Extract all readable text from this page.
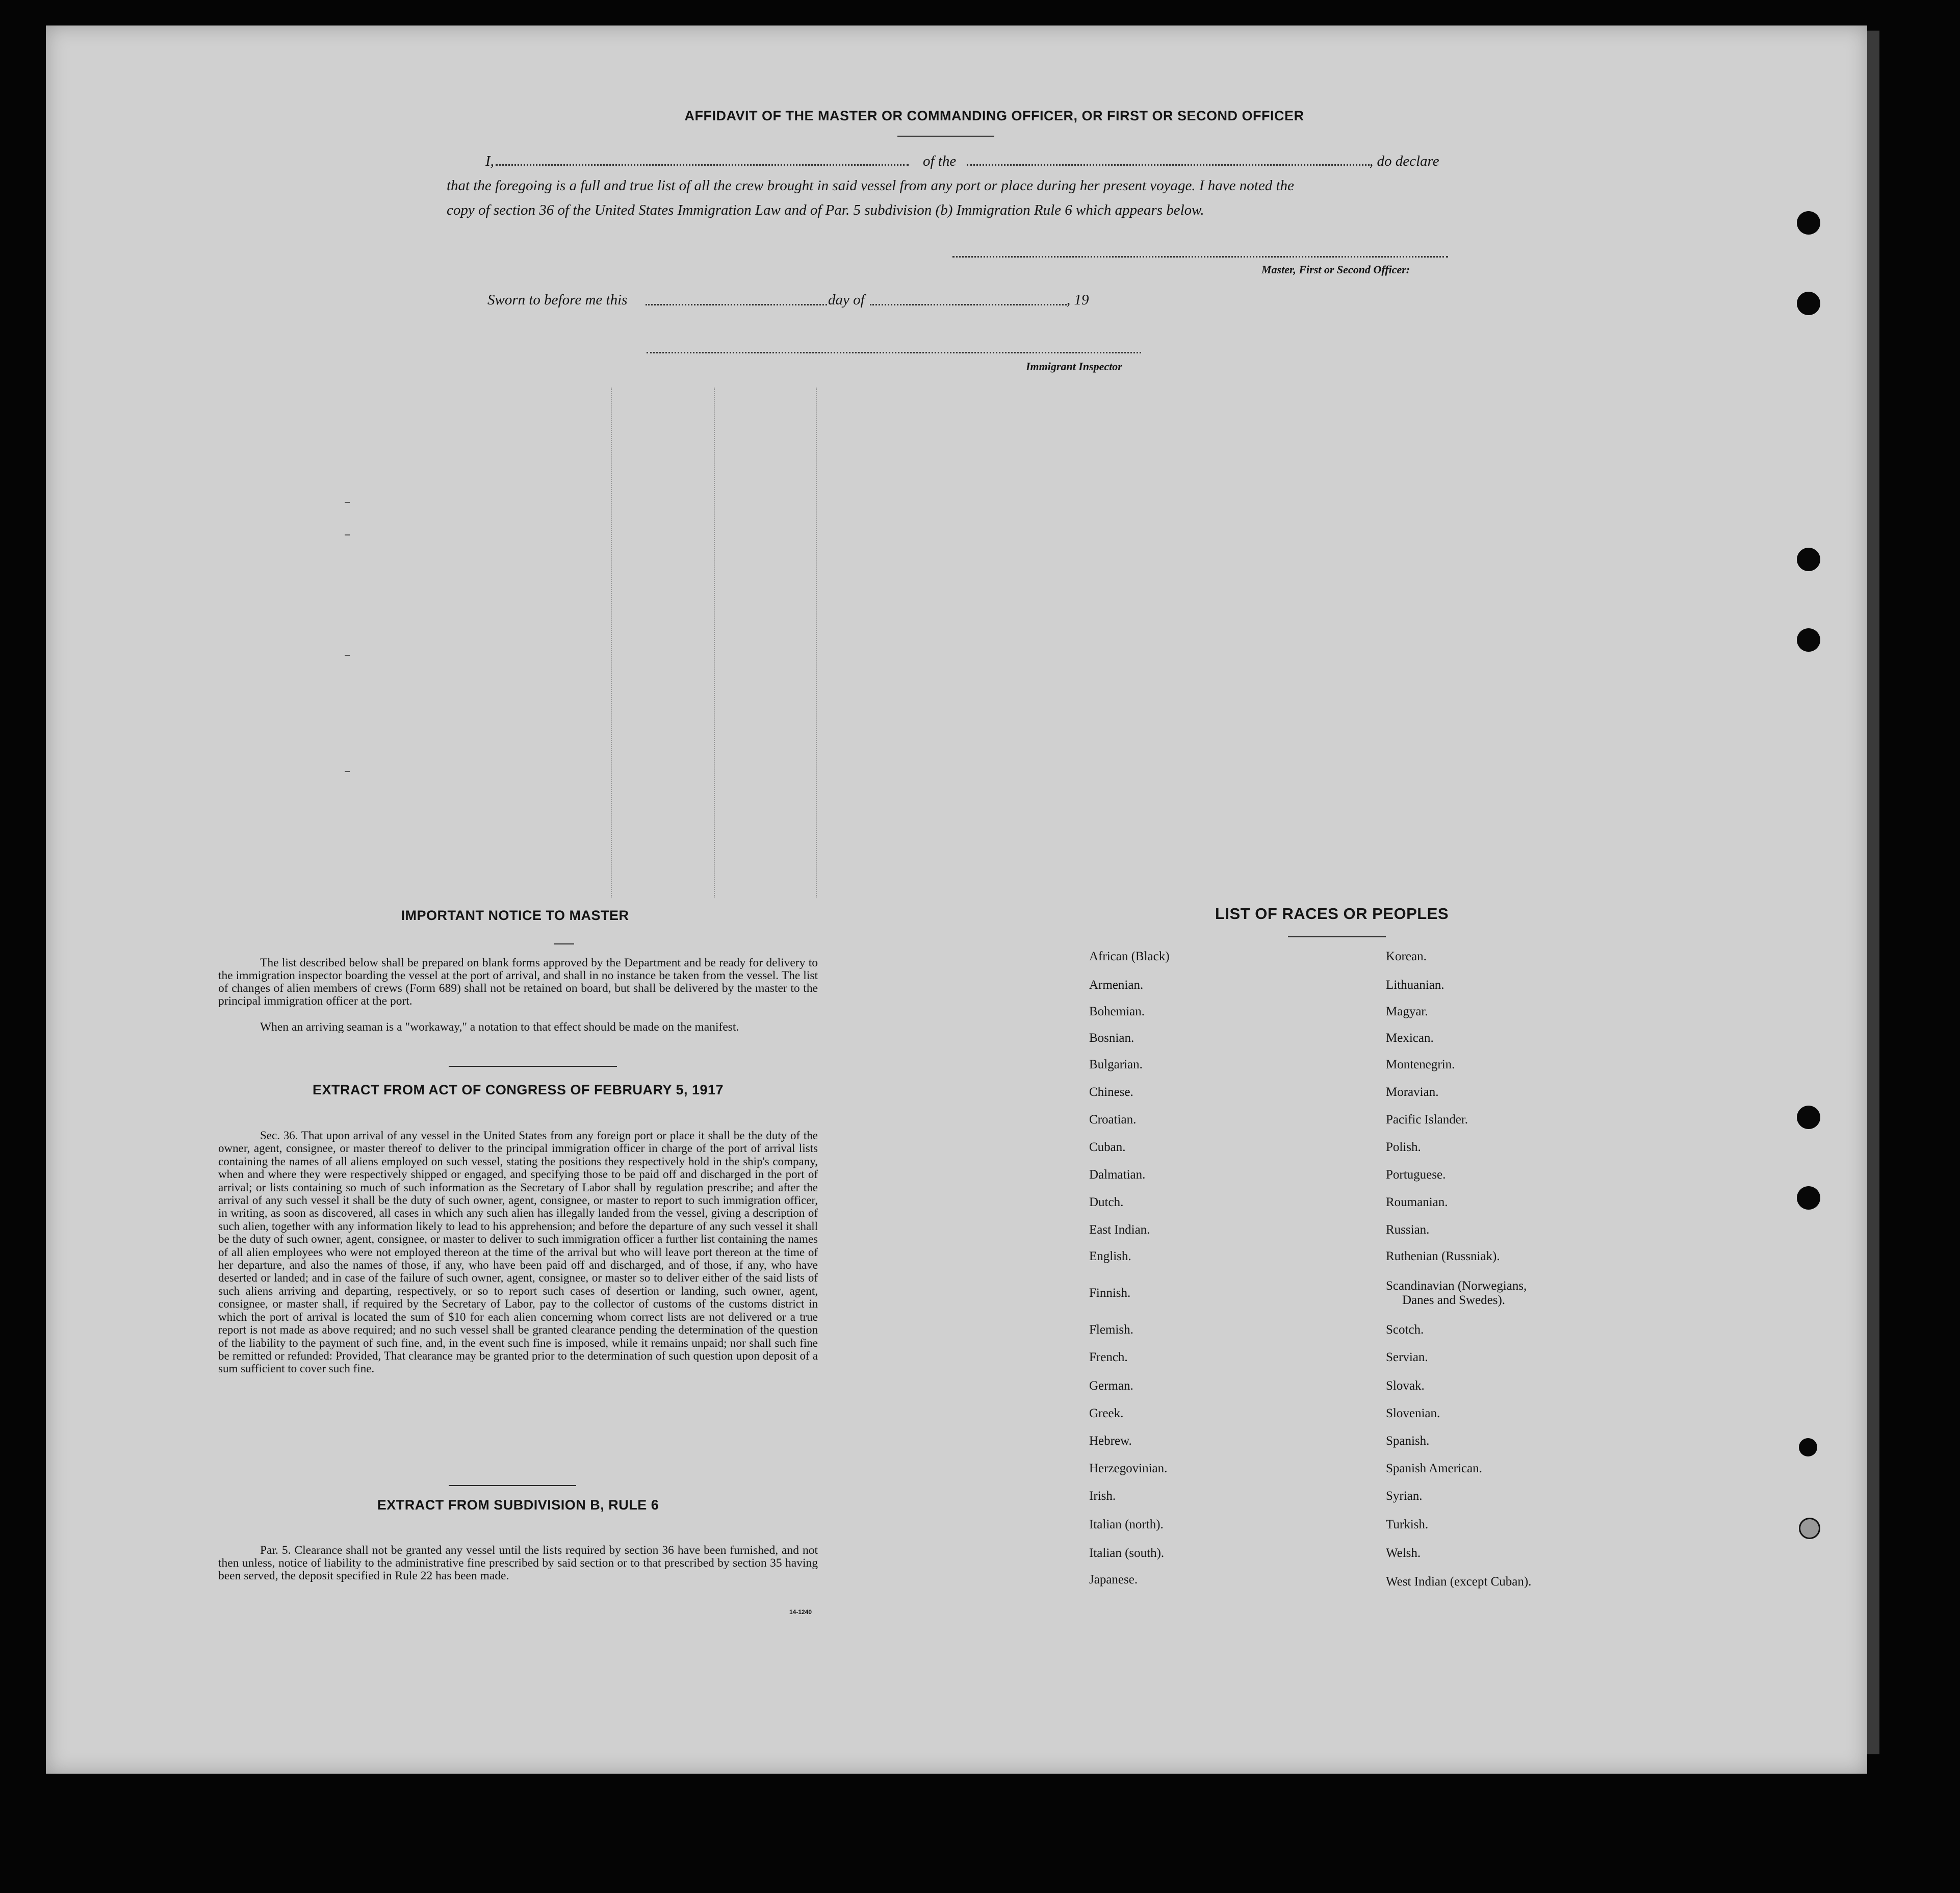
AFFIDAVIT OF THE MASTER OR COMMANDING OFFICER, OR FIRST OR SECOND OFFICER
I,	of the	, do declare
that the foregoing is a full and true list of all the crew brought in said vessel from any port or place during her present voyage. I have noted the
copy of section 36 of the United States Immigration Law and of Par. 5 subdivision (b) Immigration Rule 6 which appears below.
Master, First or Second Officer:
Sworn to before me this	day of	, 19
Immigrant Inspector
IMPORTANT NOTICE TO MASTER
The list described below shall be prepared on blank forms approved by the Department and be ready for delivery to the immigration inspector boarding the vessel at the port of arrival, and shall in no instance be taken from the vessel. The list of changes of alien members of crews (Form 689) shall not be retained on board, but shall be delivered by the master to the principal immigration officer at the port.
When an arriving seaman is a "workaway," a notation to that effect should be made on the manifest.
EXTRACT FROM ACT OF CONGRESS OF FEBRUARY 5, 1917
Sec. 36. That upon arrival of any vessel in the United States from any foreign port or place it shall be the duty of the owner, agent, consignee, or master thereof to deliver to the principal immigration officer in charge of the port of arrival lists containing the names of all aliens employed on such vessel, stating the positions they respectively hold in the ship's company, when and where they were respectively shipped or engaged, and specifying those to be paid off and discharged in the port of arrival; or lists containing so much of such information as the Secretary of Labor shall by regulation prescribe; and after the arrival of any such vessel it shall be the duty of such owner, agent, consignee, or master to report to such immigration officer, in writing, as soon as discovered, all cases in which any such alien has illegally landed from the vessel, giving a description of such alien, together with any information likely to lead to his apprehension; and before the departure of any such vessel it shall be the duty of such owner, agent, consignee, or master to deliver to such immigration officer a further list containing the names of all alien employees who were not employed thereon at the time of the arrival but who will leave port thereon at the time of her departure, and also the names of those, if any, who have been paid off and discharged, and of those, if any, who have deserted or landed; and in case of the failure of such owner, agent, consignee, or master so to deliver either of the said lists of such aliens arriving and departing, respectively, or so to report such cases of desertion or landing, such owner, agent, consignee, or master shall, if required by the Secretary of Labor, pay to the collector of customs of the customs district in which the port of arrival is located the sum of $10 for each alien concerning whom correct lists are not delivered or a true report is not made as above required; and no such vessel shall be granted clearance pending the determination of the question of the liability to the payment of such fine, and, in the event such fine is imposed, while it remains unpaid; nor shall such fine be remitted or refunded: Provided, That clearance may be granted prior to the determination of such question upon deposit of a sum sufficient to cover such fine.
EXTRACT FROM SUBDIVISION B, RULE 6
Par. 5. Clearance shall not be granted any vessel until the lists required by section 36 have been furnished, and not then unless, notice of liability to the administrative fine prescribed by said section or to that prescribed by section 35 having been served, the deposit specified in Rule 22 has been made.
14-1240
LIST OF RACES OR PEOPLES
African (Black)
Armenian.
Bohemian.
Bosnian.
Bulgarian.
Chinese.
Croatian.
Cuban.
Dalmatian.
Dutch.
East Indian.
English.
Finnish.
Flemish.
French.
German.
Greek.
Hebrew.
Herzegovinian.
Irish.
Italian (north).
Italian (south).
Japanese.
Korean.
Lithuanian.
Magyar.
Mexican.
Montenegrin.
Moravian.
Pacific Islander.
Polish.
Portuguese.
Roumanian.
Russian.
Ruthenian (Russniak).
Scandinavian (Norwegians,
Danes and Swedes).
Scotch.
Servian.
Slovak.
Slovenian.
Spanish.
Spanish American.
Syrian.
Turkish.
Welsh.
West Indian (except Cuban).
